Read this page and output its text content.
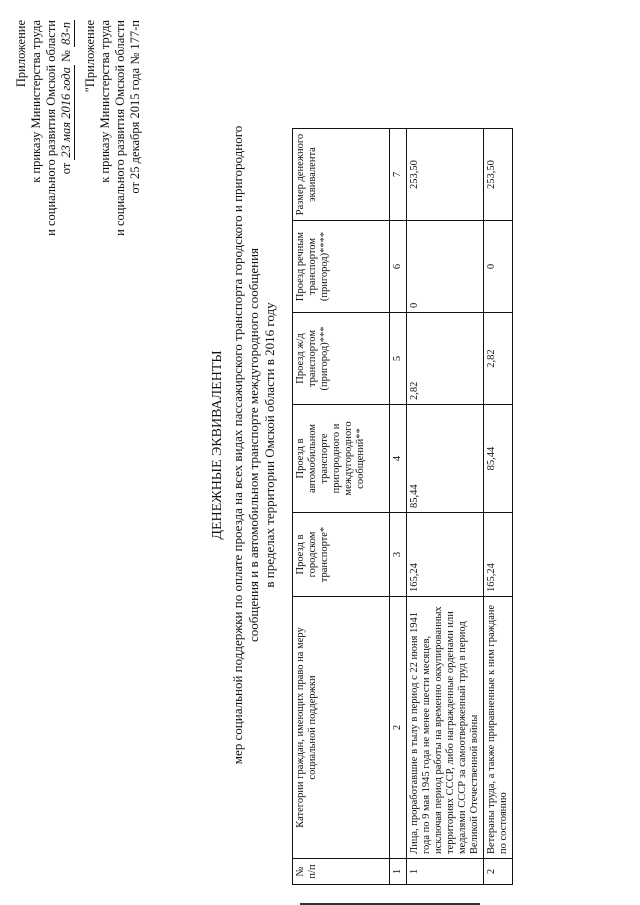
Приложение к приказу Министерства труда и социального развития Омской области от 23 мая 2016 года № 83-п "Приложение к приказу Министерства труда и социального развития Омской области от 25 декабря 2015 года № 177-п
ДЕНЕЖНЫЕ ЭКВИВАЛЕНТЫ мер социальной поддержки по оплате проезда на всех видах пассажирского транспорта городского и пригородного сообщения и в автомобильном транспорте междугородного сообщения в пределах территории Омской области в 2016 году
№ п/п	Категории граждан, имеющих право на меру социальной поддержки	Проезд в городском транспорте*	Проезд в автомобильном транспорте пригородного и междугородного сообщений**	Проезд ж/д транспортом (пригород)***	Проезд речным транспортом (пригород)****	Размер денежного эквивалента
1	2	3	4	5	6	7
1	Лица, проработавшие в тылу в период с 22 июня 1941 года по 9 мая 1945 года не менее шести месяцев, исключая период работы на временно оккупированных территориях СССР, либо награжденные орденами или медалями СССР за самоотверженный труд в период Великой Отечественной войны	165,24	85,44	2,82	0	253,50
2	Ветераны труда, а также приравненные к ним граждане по состоянию	165,24	85,44	2,82	0	253,50
